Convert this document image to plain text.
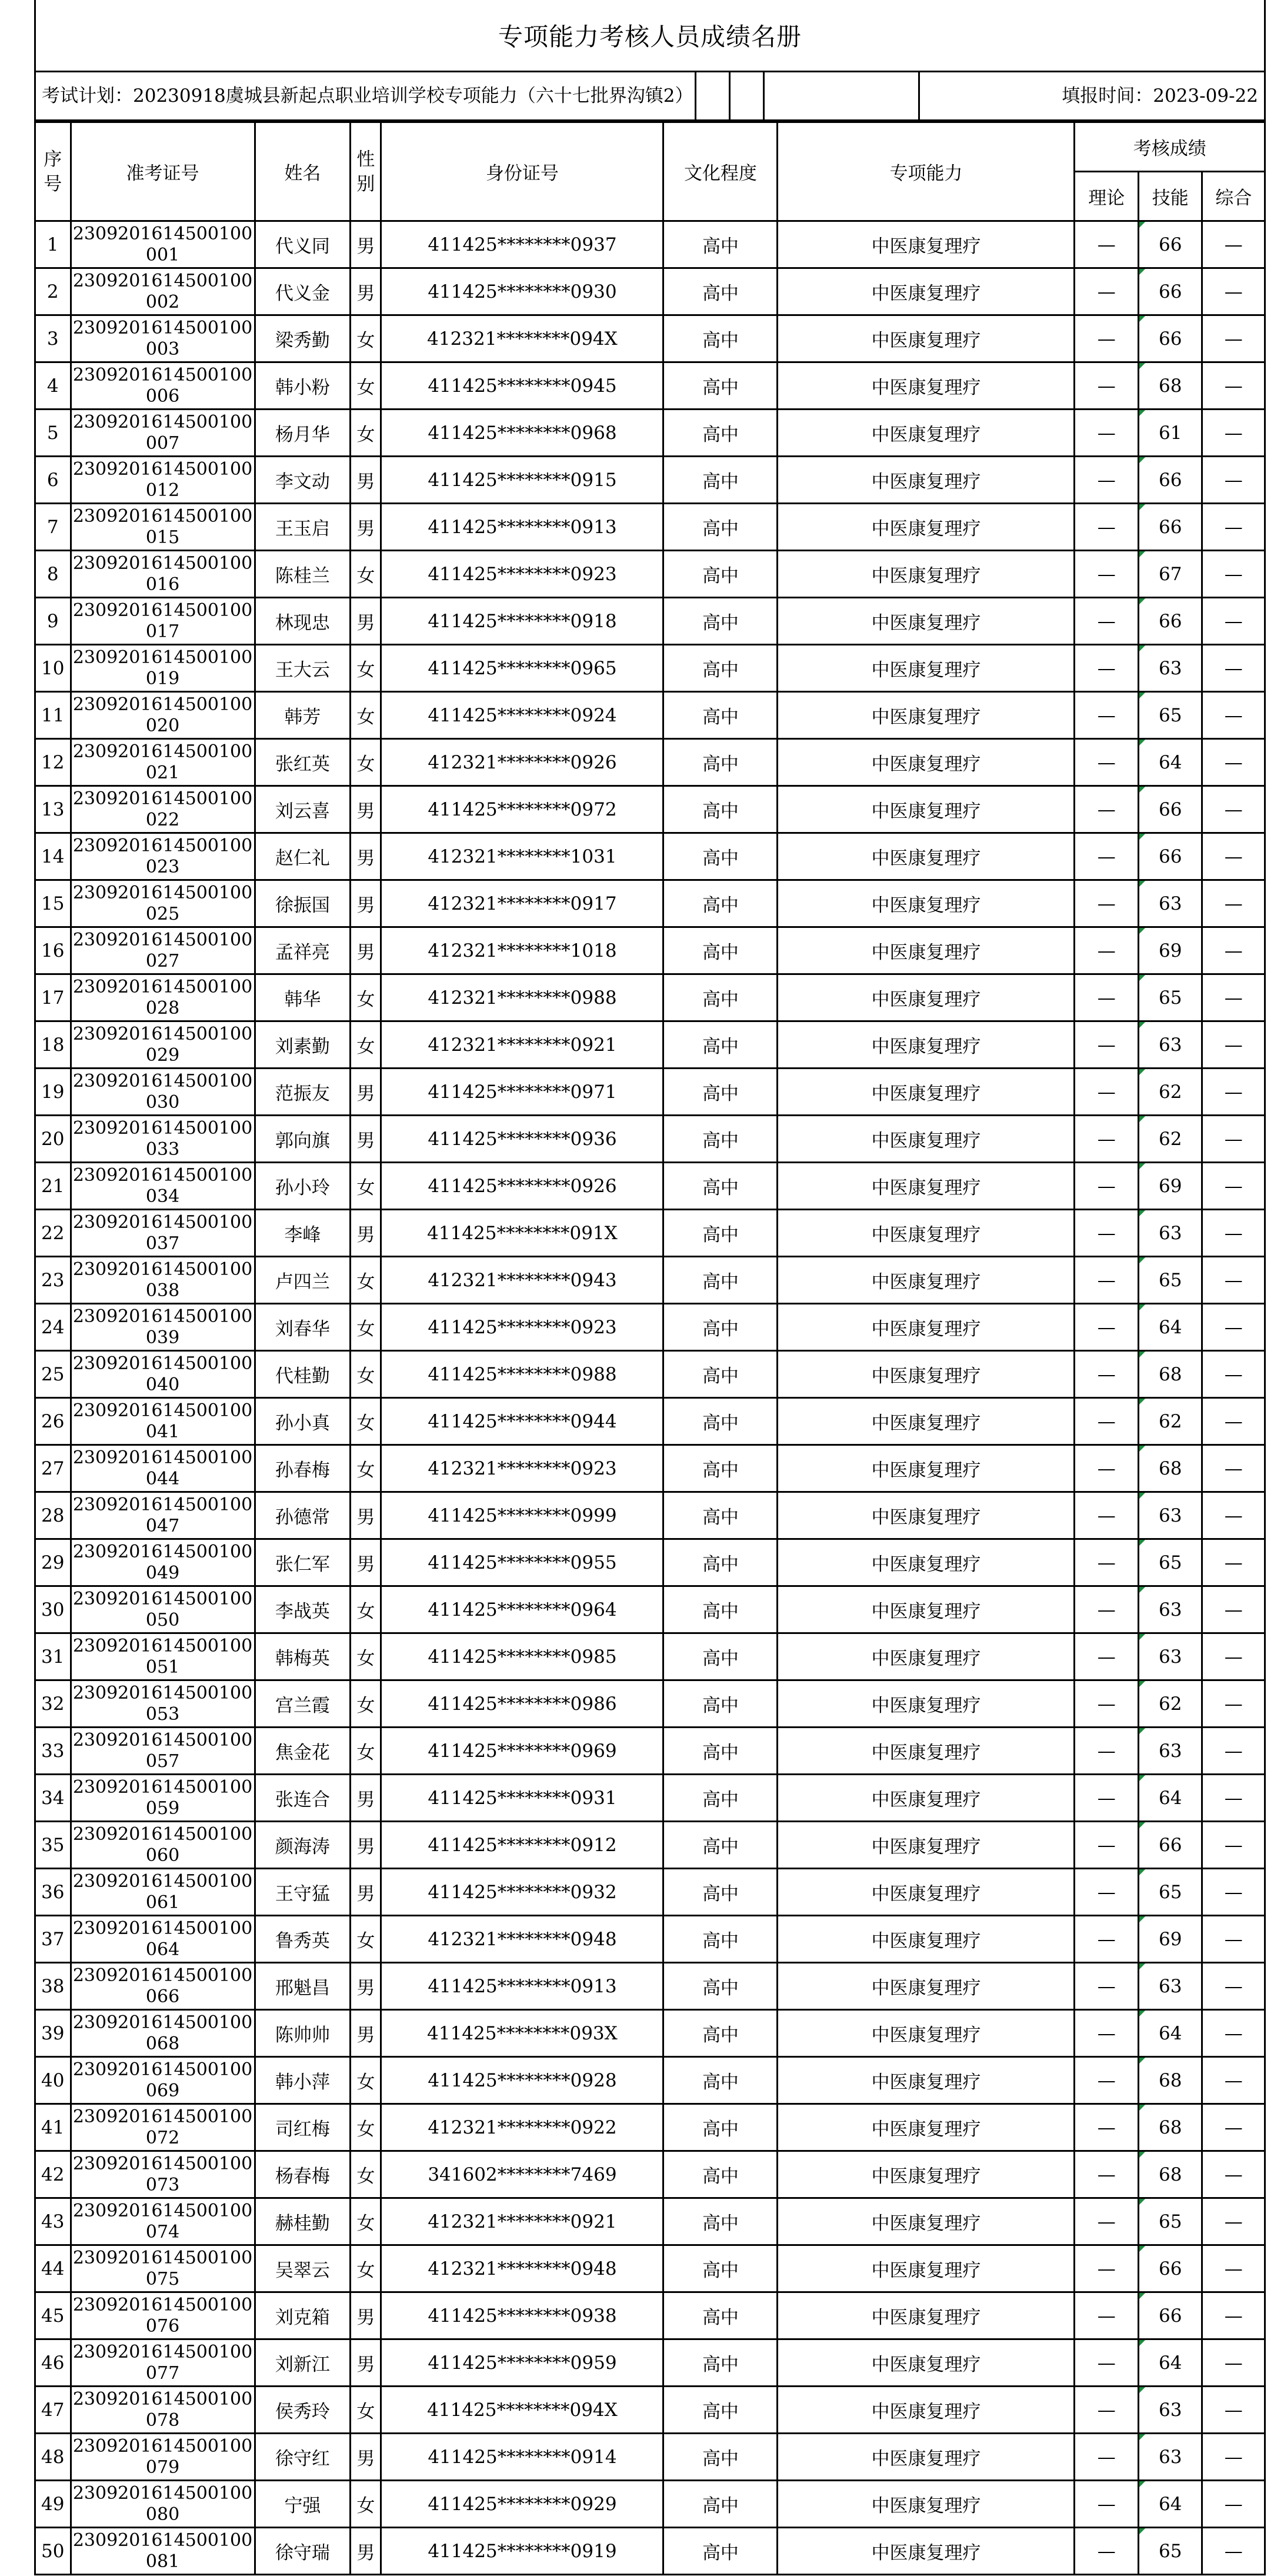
专项能力考核人员成绩名册
考试计划：20230918虞城县新起点职业培训学校专项能力（六十七批界沟镇2）	填报时间：2023-09-22
序号	准考证号	姓名	性别	身份证号	文化程度	专项能力	考核成绩		
							理论	技能	综合
1	2309201614500100001	代义同	男	411425********0937	高中	中医康复理疗	—	66	—
2	2309201614500100002	代义金	男	411425********0930	高中	中医康复理疗	—	66	—
3	2309201614500100003	梁秀勤	女	412321********094X	高中	中医康复理疗	—	66	—
4	2309201614500100006	韩小粉	女	411425********0945	高中	中医康复理疗	—	68	—
5	2309201614500100007	杨月华	女	411425********0968	高中	中医康复理疗	—	61	—
6	2309201614500100012	李文动	男	411425********0915	高中	中医康复理疗	—	66	—
7	2309201614500100015	王玉启	男	411425********0913	高中	中医康复理疗	—	66	—
8	2309201614500100016	陈桂兰	女	411425********0923	高中	中医康复理疗	—	67	—
9	2309201614500100017	林现忠	男	411425********0918	高中	中医康复理疗	—	66	—
10	2309201614500100019	王大云	女	411425********0965	高中	中医康复理疗	—	63	—
11	2309201614500100020	韩芳	女	411425********0924	高中	中医康复理疗	—	65	—
12	2309201614500100021	张红英	女	412321********0926	高中	中医康复理疗	—	64	—
13	2309201614500100022	刘云喜	男	411425********0972	高中	中医康复理疗	—	66	—
14	2309201614500100023	赵仁礼	男	412321********1031	高中	中医康复理疗	—	66	—
15	2309201614500100025	徐振国	男	412321********0917	高中	中医康复理疗	—	63	—
16	2309201614500100027	孟祥亮	男	412321********1018	高中	中医康复理疗	—	69	—
17	2309201614500100028	韩华	女	412321********0988	高中	中医康复理疗	—	65	—
18	2309201614500100029	刘素勤	女	412321********0921	高中	中医康复理疗	—	63	—
19	2309201614500100030	范振友	男	411425********0971	高中	中医康复理疗	—	62	—
20	2309201614500100033	郭向旗	男	411425********0936	高中	中医康复理疗	—	62	—
21	2309201614500100034	孙小玲	女	411425********0926	高中	中医康复理疗	—	69	—
22	2309201614500100037	李峰	男	411425********091X	高中	中医康复理疗	—	63	—
23	2309201614500100038	卢四兰	女	412321********0943	高中	中医康复理疗	—	65	—
24	2309201614500100039	刘春华	女	411425********0923	高中	中医康复理疗	—	64	—
25	2309201614500100040	代桂勤	女	411425********0988	高中	中医康复理疗	—	68	—
26	2309201614500100041	孙小真	女	411425********0944	高中	中医康复理疗	—	62	—
27	2309201614500100044	孙春梅	女	412321********0923	高中	中医康复理疗	—	68	—
28	2309201614500100047	孙德常	男	411425********0999	高中	中医康复理疗	—	63	—
29	2309201614500100049	张仁军	男	411425********0955	高中	中医康复理疗	—	65	—
30	2309201614500100050	李战英	女	411425********0964	高中	中医康复理疗	—	63	—
31	2309201614500100051	韩梅英	女	411425********0985	高中	中医康复理疗	—	63	—
32	2309201614500100053	宫兰霞	女	411425********0986	高中	中医康复理疗	—	62	—
33	2309201614500100057	焦金花	女	411425********0969	高中	中医康复理疗	—	63	—
34	2309201614500100059	张连合	男	411425********0931	高中	中医康复理疗	—	64	—
35	2309201614500100060	颜海涛	男	411425********0912	高中	中医康复理疗	—	66	—
36	2309201614500100061	王守猛	男	411425********0932	高中	中医康复理疗	—	65	—
37	2309201614500100064	鲁秀英	女	412321********0948	高中	中医康复理疗	—	69	—
38	2309201614500100066	邢魁昌	男	411425********0913	高中	中医康复理疗	—	63	—
39	2309201614500100068	陈帅帅	男	411425********093X	高中	中医康复理疗	—	64	—
40	2309201614500100069	韩小萍	女	411425********0928	高中	中医康复理疗	—	68	—
41	2309201614500100072	司红梅	女	412321********0922	高中	中医康复理疗	—	68	—
42	2309201614500100073	杨春梅	女	341602********7469	高中	中医康复理疗	—	68	—
43	2309201614500100074	赫桂勤	女	412321********0921	高中	中医康复理疗	—	65	—
44	2309201614500100075	吴翠云	女	412321********0948	高中	中医康复理疗	—	66	—
45	2309201614500100076	刘克箱	男	411425********0938	高中	中医康复理疗	—	66	—
46	2309201614500100077	刘新江	男	411425********0959	高中	中医康复理疗	—	64	—
47	2309201614500100078	侯秀玲	女	411425********094X	高中	中医康复理疗	—	63	—
48	2309201614500100079	徐守红	男	411425********0914	高中	中医康复理疗	—	63	—
49	2309201614500100080	宁强	女	411425********0929	高中	中医康复理疗	—	64	—
50	2309201614500100081	徐守瑞	男	411425********0919	高中	中医康复理疗	—	65	—
